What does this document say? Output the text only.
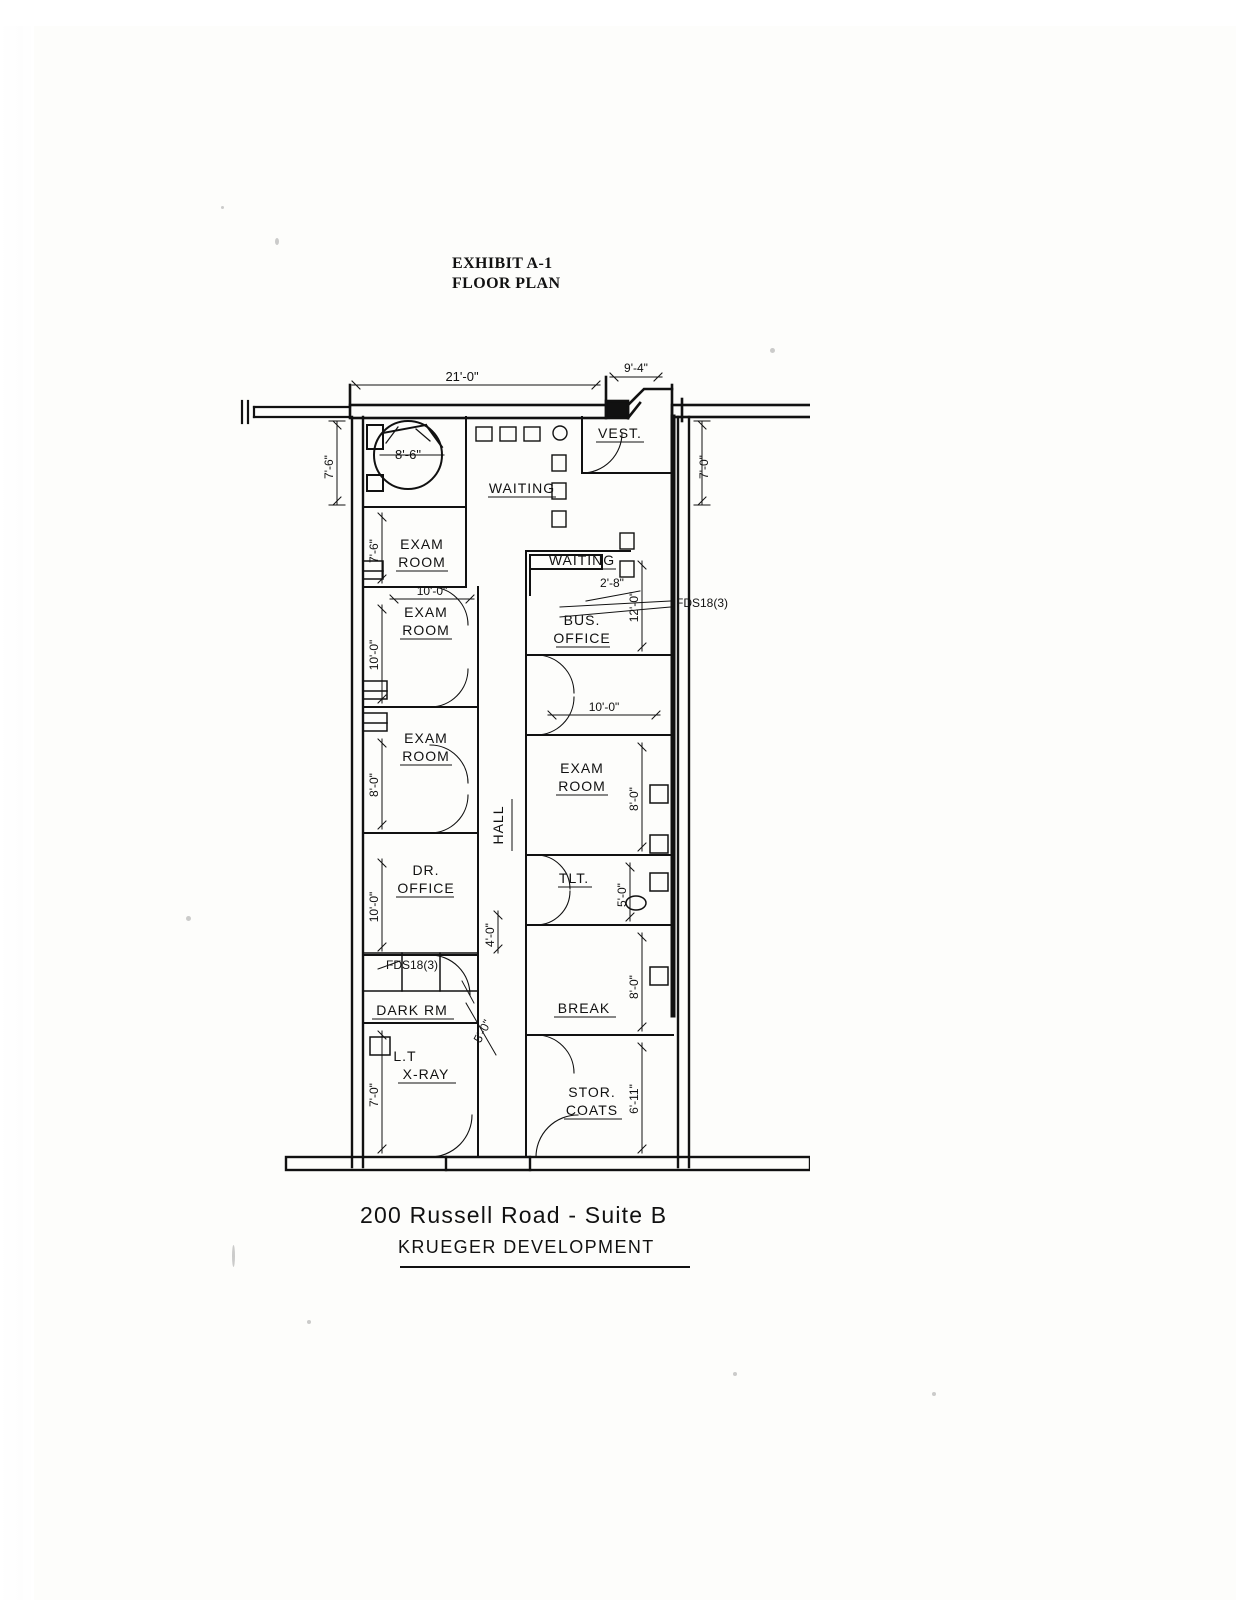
EXHIBIT A-1
FLOOR PLAN
21'-0"
9'-4"
7'-6"	7'-0"
8'-6"
7'-6"
10'-0"
10'-0"
8'-0"
2'-8"
12'-0"
10'-0"
8'-0"
10'-0"
4'-0"
5'-0"
5'-0"
8'-0"
7'-0"	6'-11"
VEST.
WAITING
WAITING
EXAM
ROOM
EXAM
ROOM
EXAM
ROOM
EXAM
ROOM
BUS.
OFFICE
DR.
OFFICE
HALL
TLT.
DARK RM
L.T
X-RAY
BREAK
STOR.
COATS
FDS18(3)
FDS18(3)
200 Russell Road - Suite B
KRUEGER DEVELOPMENT
